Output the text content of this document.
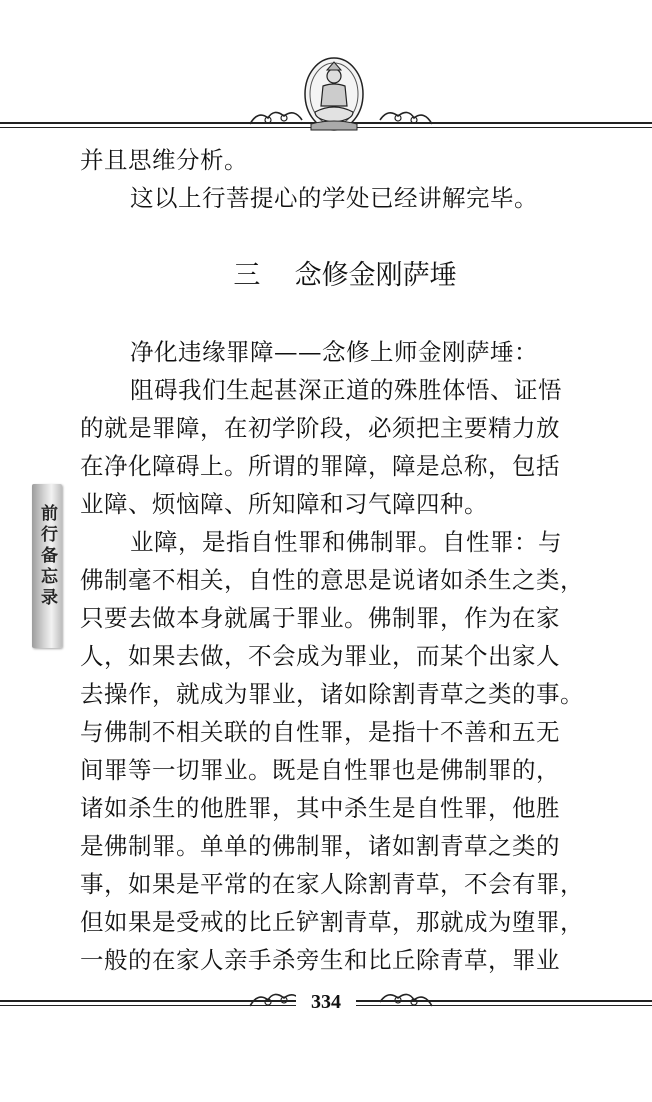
前行备忘录

并且思维分析。

这以上行菩提心的学处已经讲解完毕。

三    念修金刚萨埵

净化违缘罪障——念修上师金刚萨埵：

阻碍我们生起甚深正道的殊胜体悟、证悟

的就是罪障，在初学阶段，必须把主要精力放

在净化障碍上。所谓的罪障，障是总称，包括

业障、烦恼障、所知障和习气障四种。

业障，是指自性罪和佛制罪。自性罪：与

佛制毫不相关，自性的意思是说诸如杀生之类，

只要去做本身就属于罪业。佛制罪，作为在家

人，如果去做，不会成为罪业，而某个出家人

去操作，就成为罪业，诸如除割青草之类的事。

与佛制不相关联的自性罪，是指十不善和五无

间罪等一切罪业。既是自性罪也是佛制罪的，

诸如杀生的他胜罪，其中杀生是自性罪，他胜

是佛制罪。单单的佛制罪，诸如割青草之类的

事，如果是平常的在家人除割青草，不会有罪，

但如果是受戒的比丘铲割青草，那就成为堕罪，

一般的在家人亲手杀旁生和比丘除青草，罪业

334
